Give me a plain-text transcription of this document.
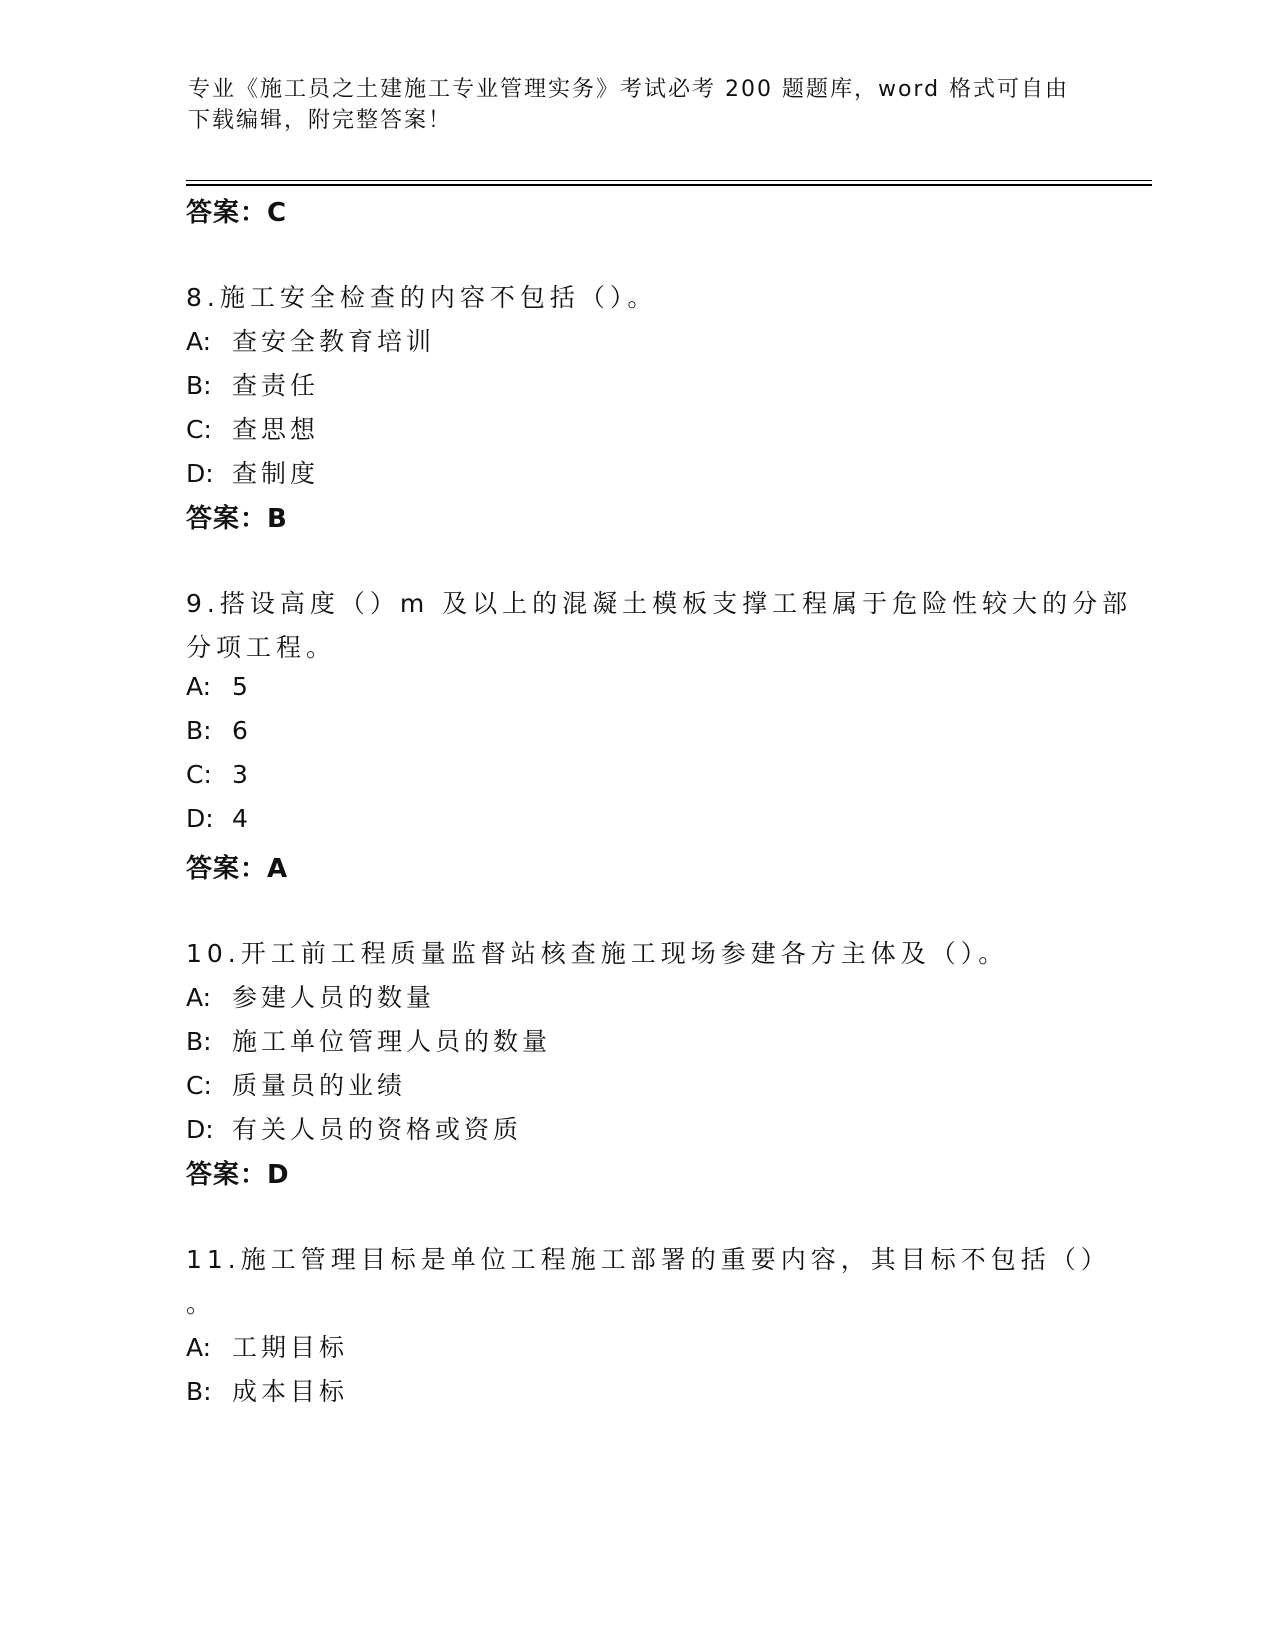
专业《施工员之土建施工专业管理实务》考试必考 200 题题库，word 格式可自由
下载编辑，附完整答案！
答案：C
8.施工安全检查的内容不包括（）。
A: 查安全教育培训
B: 查责任
C: 查思想
D: 查制度
答案：B
9.搭设高度（）m 及以上的混凝土模板支撑工程属于危险性较大的分部
分项工程。
A: 5
B: 6
C: 3
D: 4
答案：A
10.开工前工程质量监督站核查施工现场参建各方主体及（）。
A: 参建人员的数量
B: 施工单位管理人员的数量
C: 质量员的业绩
D: 有关人员的资格或资质
答案：D
11.施工管理目标是单位工程施工部署的重要内容，其目标不包括（）
。
A: 工期目标
B: 成本目标
